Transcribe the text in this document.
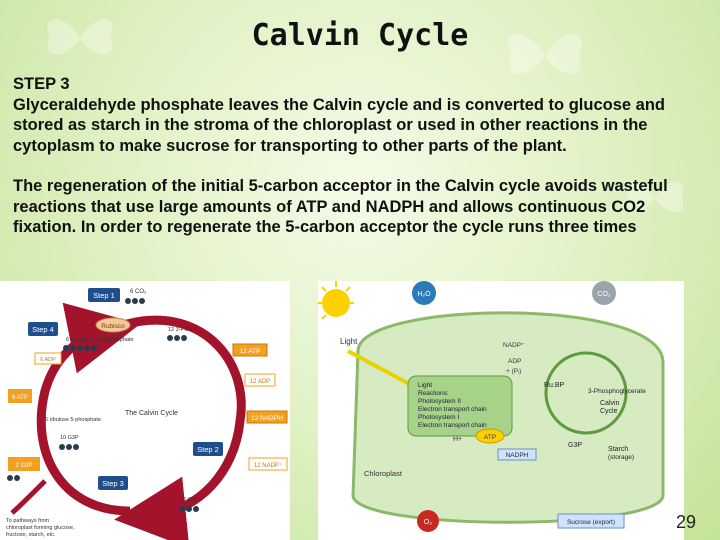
Calvin Cycle

STEP 3

Glyceraldehyde phosphate leaves the Calvin cycle and is converted to glucose and stored as starch in the stroma of the chloroplast or used in other reactions in the cytoplasm to make sucrose for transporting to other parts of the plant.

The regeneration of the initial 5-carbon acceptor in the Calvin cycle avoids wasteful reactions that use large amounts of ATP and NADPH and allows continuous CO2 fixation. In order to regenerate the 5-carbon acceptor the cycle runs three times

Step 1
Step 4
Step 2
Step 3
6 CO₂
Rubisco
6 ribulose 1,5-bisphosphate
12 3-PGA
12 ATP
12 ADP
12 NADPH
12 NADP⁺
12 G3P
6 ADP
6 ATP
6 ribulose 5-phosphate
The Calvin Cycle
10 G3P
2 G3P
To pathways from
chloroplast forming glucose,
fructose, starch, etc.
Light
H₂O	CO₂
Light
Reactions:
Photosystem II
Electron transport chain
Photosystem I
Electron transport chain
NADP⁺
ADP
+ (Pᵢ)
H+	ATP
NADPH
Ru.BP
3-Phosphoglycerate
Calvin
Cycle
G3P
Starch
(storage)
Chloroplast
O₂	Sucrose (export)	29
